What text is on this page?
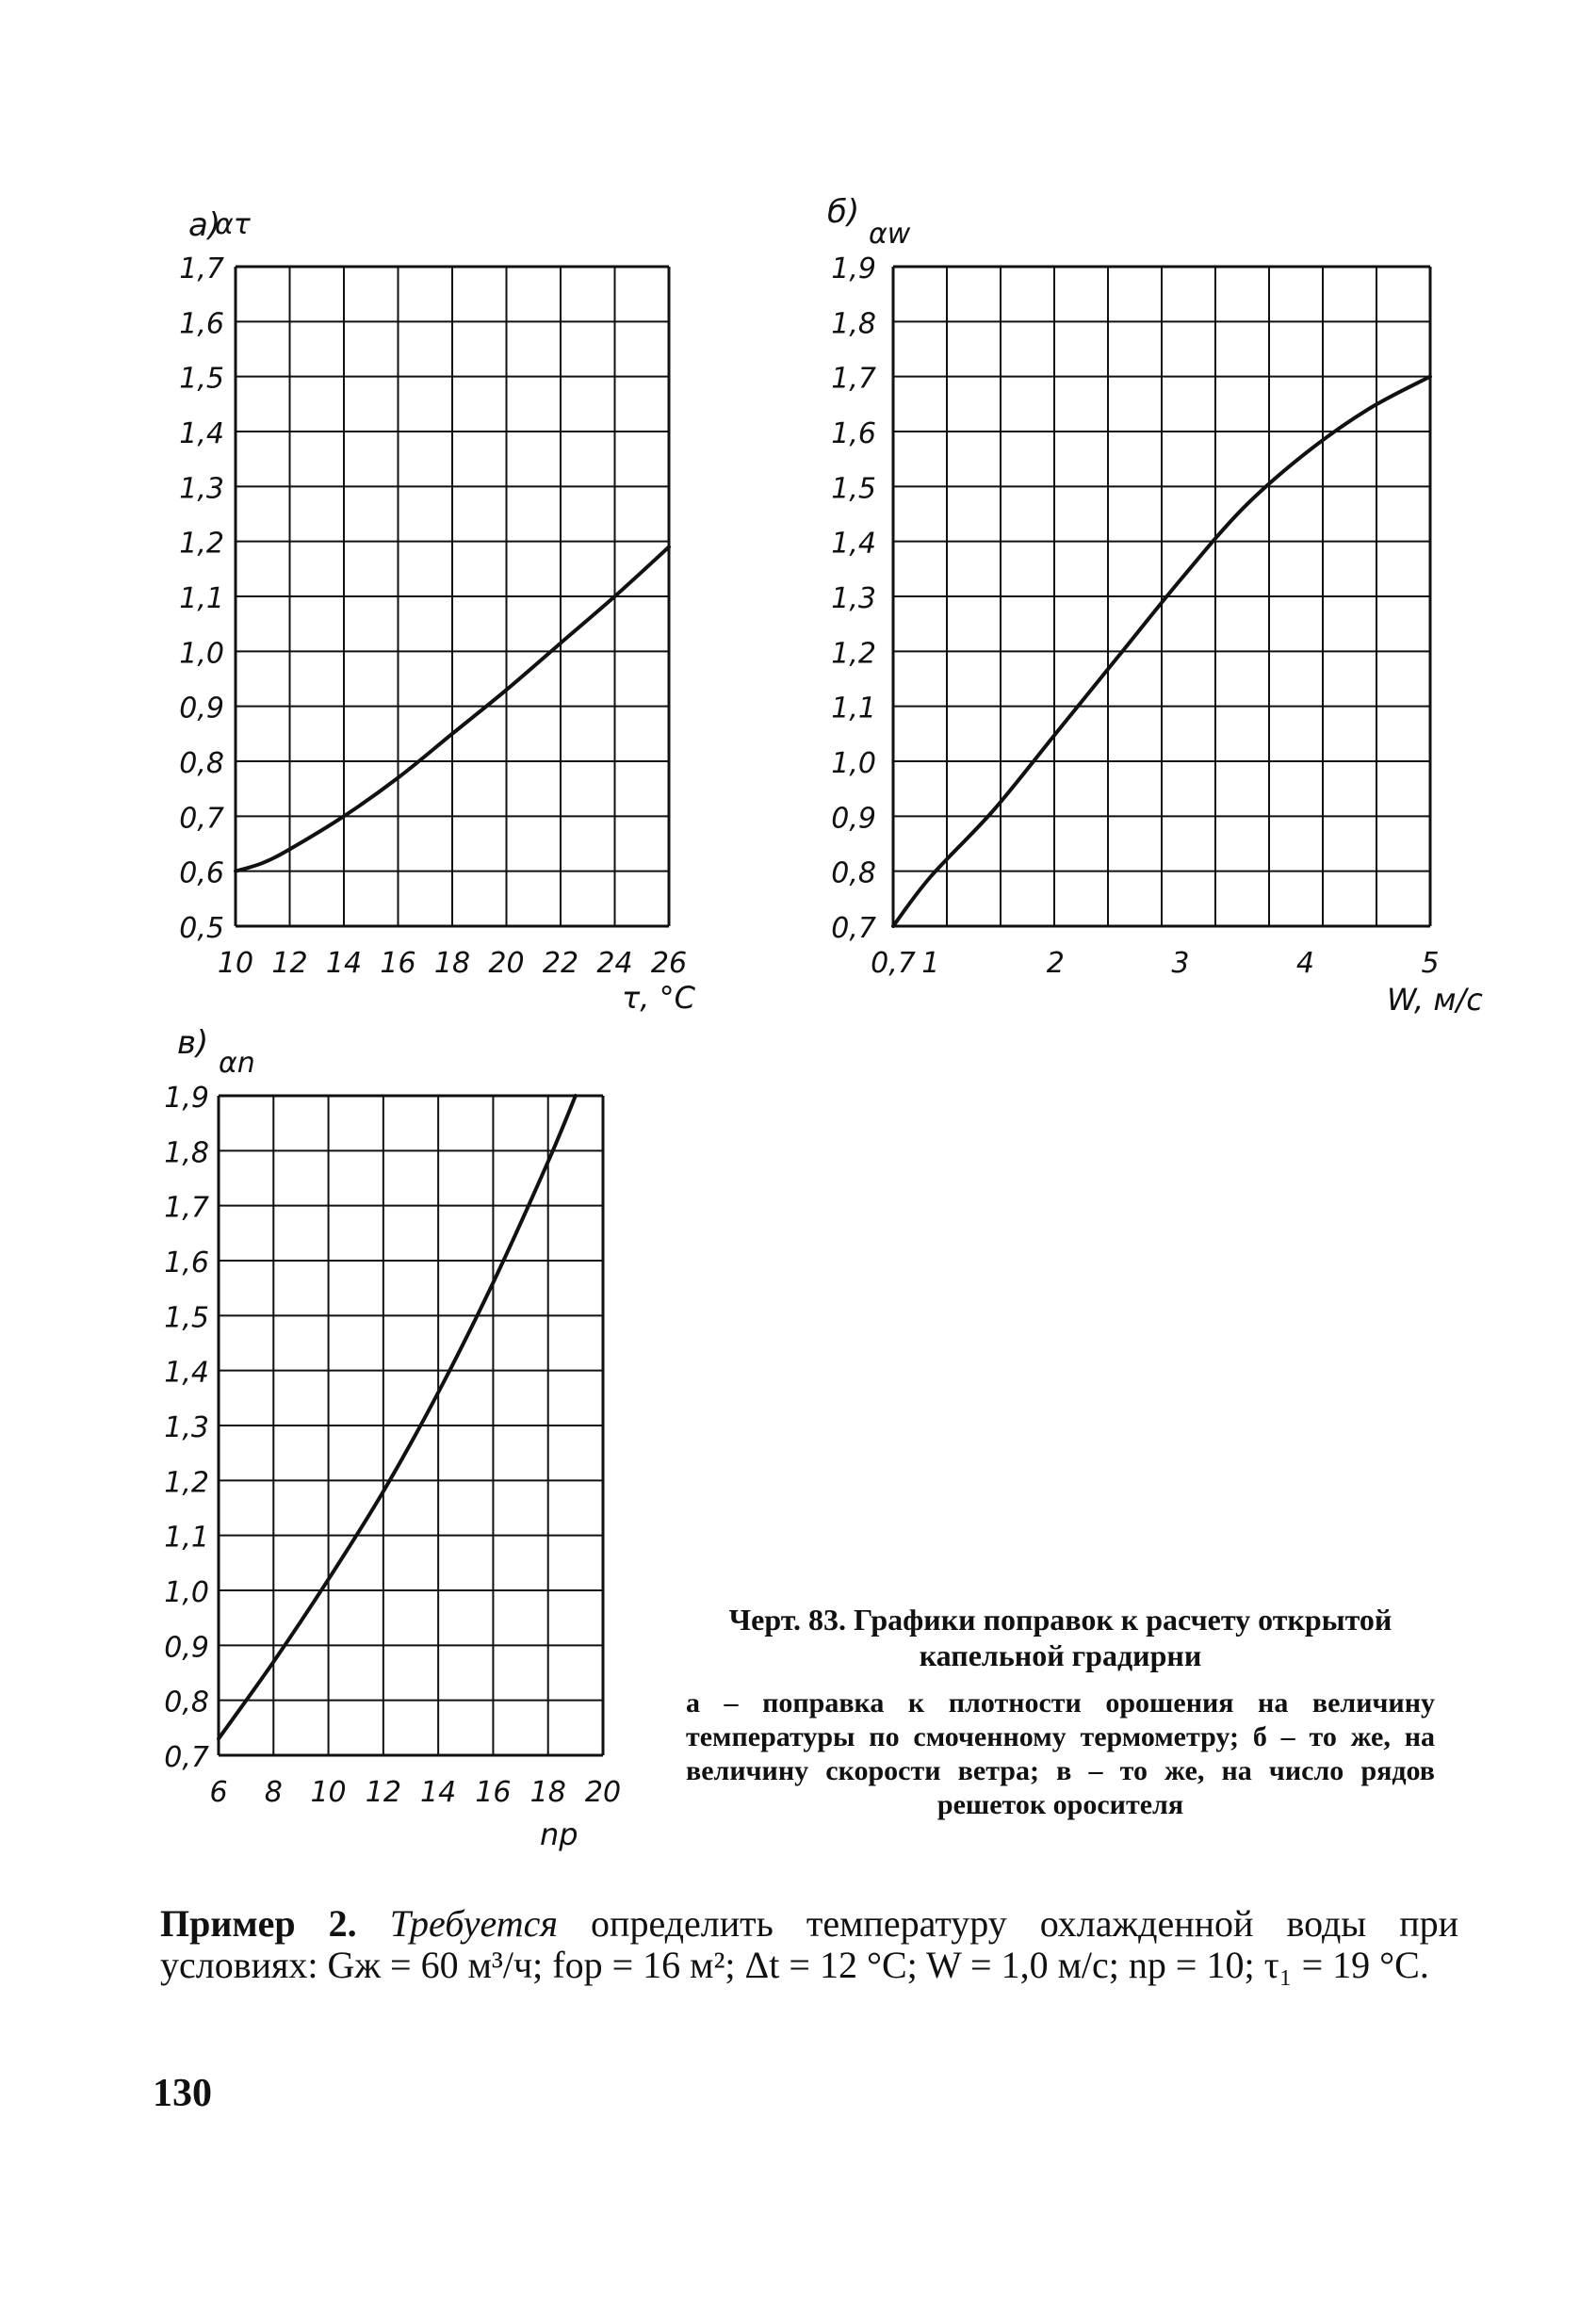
0,5
0,6
0,7
0,8
0,9
1,0
1,1
1,2
1,3
1,4
1,5
1,6
1,7
10 12 14 16 18 20 22 24 26
а)
ατ
τ, °C
0,7
0,8
0,9
1,0
1,1
1,2
1,3
1,4
1,5
1,6
1,7
1,8
1,9
0,7 1	2	3	4	5
б)
αw
W, м/с
0,7
0,8
0,9
1,0
1,1
1,2
1,3
1,4
1,5
1,6
1,7
1,8
1,9
6 8 10 12 14 16 18 20
в)
αn
nр

Черт. 83. Графики поправок к расчету открытой капельной градирни

а – поправка к плотности орошения на величину температуры по смоченному термометру; б – то же, на величину скорости ветра; в – то же, на число рядов решеток оросителя

Пример 2. Требуется определить температуру охлажденной воды при условиях: Gж = 60 м³/ч; fор = 16 м²; Δt = 12 °C; W = 1,0 м/с; nр = 10; τ₁ = 19 °C.

130
